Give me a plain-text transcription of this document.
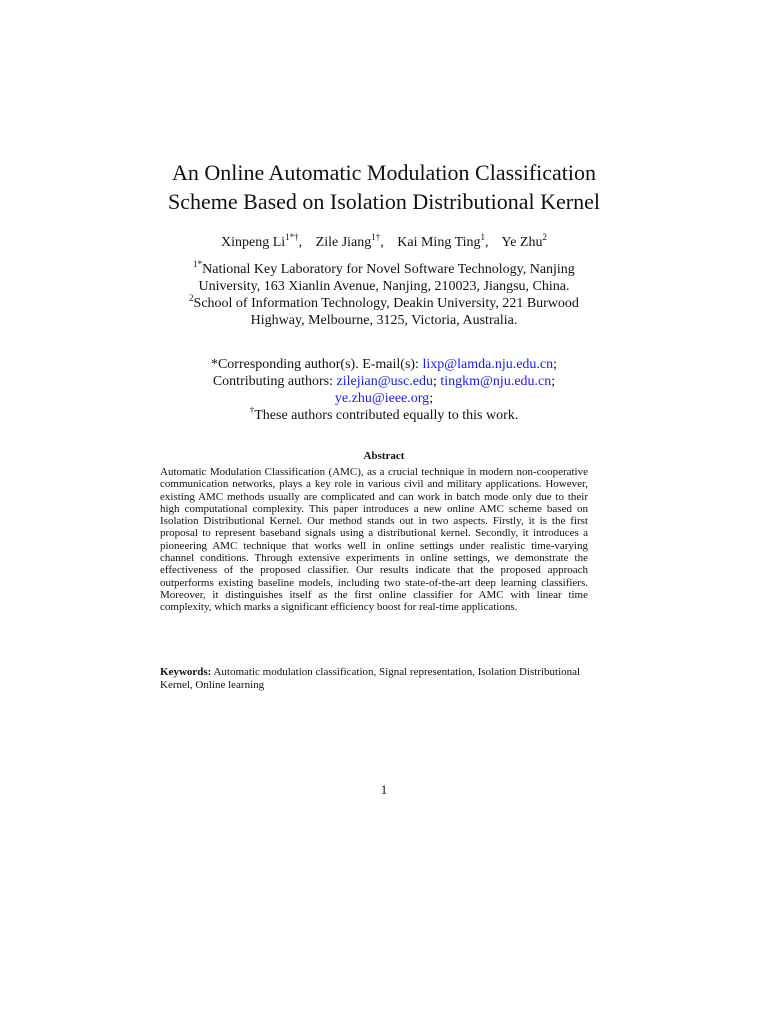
An Online Automatic Modulation Classification
Scheme Based on Isolation Distributional Kernel
Xinpeng $Li^{1*\dagger}$, Zile Jiang$^{1\dagger}$, Kai Ming Ting$^1$, Ye Zhu$^2$
$^{1*}$National Key Laboratory for Novel Software Technology, Nanjing
University, 163 Xianlin Avenue, Nanjing, 210023, Jiangsu, China.
$^2$School of Information Technology, Deakin University, 221 Burwood
Highway, Melbourne, 3125, Victoria, Australia.
*Corresponding author(s). E-mail(s): lixp@lamda.nju.edu.cn;
Contributing authors: zilejian@usc.edu; tingkm@nju.edu.cn;
ye.zhu@ieee.org;
†These authors contributed equally to this work.
Abstract
Automatic Modulation Classification (AMC), as a crucial technique in modern non-cooperative communication networks, plays a key role in various civil and military applications. However, existing AMC methods usually are complicated and can work in batch mode only due to their high computational complexity. This paper introduces a new online AMC scheme based on Isolation Distributional Kernel. Our method stands out in two aspects. Firstly, it is the first proposal to represent baseband signals using a distributional kernel. Secondly, it introduces a pioneering AMC technique that works well in online settings under realistic time-varying channel conditions. Through extensive experiments in online settings, we demonstrate the effectiveness of the proposed classifier. Our results indicate that the proposed approach outperforms existing baseline models, including two state-of-the-art deep learning classifiers. Moreover, it distinguishes itself as the first online classifier for AMC with linear time complexity, which marks a significant efficiency boost for real-time applications.
Keywords: Automatic modulation classification, Signal representation, Isolation Distributional Kernel, Online learning
1
